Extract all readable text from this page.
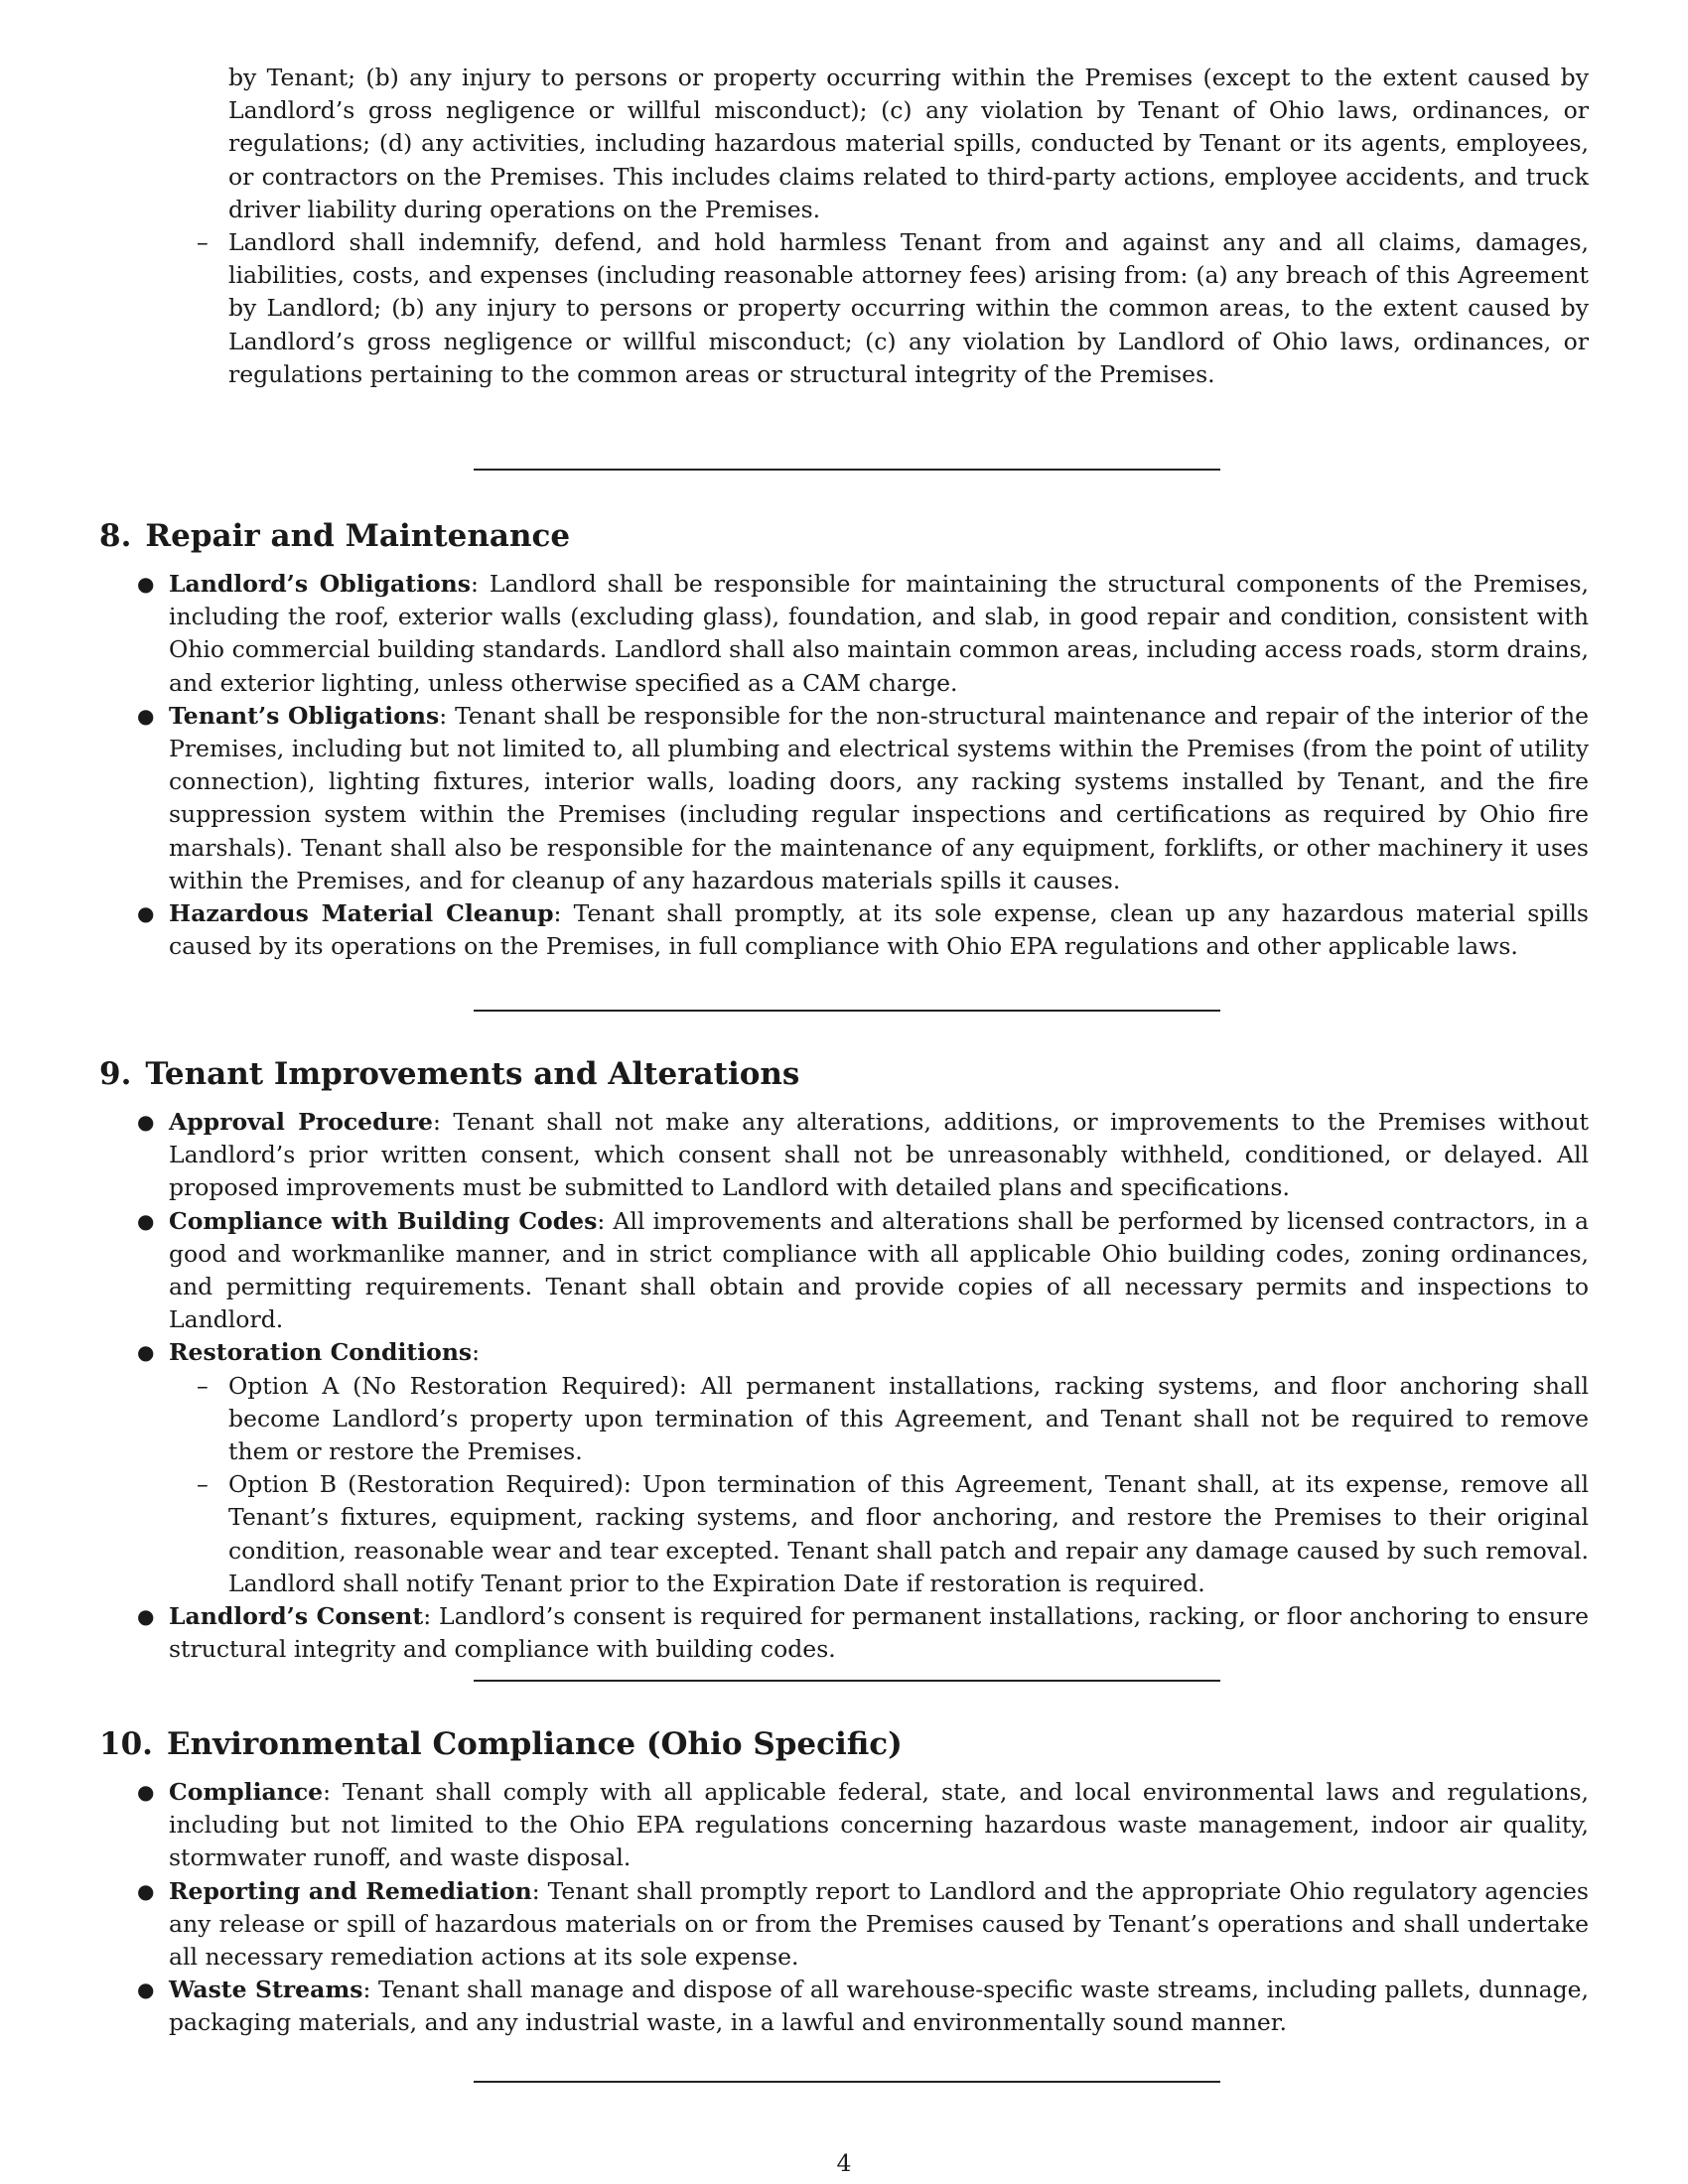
by Tenant; (b) any injury to persons or property occurring within the Premises (except to the extent caused by Landlord’s gross negligence or willful misconduct); (c) any violation by Tenant of Ohio laws, ordinances, or regulations; (d) any activities, including hazardous material spills, conducted by Tenant or its agents, employees, or contractors on the Premises. This includes claims related to third-party actions, employee accidents, and truck driver liability during operations on the Premises.
– Landlord shall indemnify, defend, and hold harmless Tenant from and against any and all claims, damages, liabilities, costs, and expenses (including reasonable attorney fees) arising from: (a) any breach of this Agreement by Landlord; (b) any injury to persons or property occurring within the common areas, to the extent caused by Landlord’s gross negligence or willful misconduct; (c) any violation by Landlord of Ohio laws, ordinances, or regulations pertaining to the common areas or structural integrity of the Premises.
8. Repair and Maintenance
● Landlord’s Obligations: Landlord shall be responsible for maintaining the structural components of the Premises, including the roof, exterior walls (excluding glass), foundation, and slab, in good repair and condition, consistent with Ohio commercial building standards. Landlord shall also maintain common areas, including access roads, storm drains, and exterior lighting, unless otherwise specified as a CAM charge.
● Tenant’s Obligations: Tenant shall be responsible for the non-structural maintenance and repair of the interior of the Premises, including but not limited to, all plumbing and electrical systems within the Premises (from the point of utility connection), lighting fixtures, interior walls, loading doors, any racking systems installed by Tenant, and the fire suppression system within the Premises (including regular inspections and certifications as required by Ohio fire marshals). Tenant shall also be responsible for the maintenance of any equipment, forklifts, or other machinery it uses within the Premises, and for cleanup of any hazardous materials spills it causes.
● Hazardous Material Cleanup: Tenant shall promptly, at its sole expense, clean up any hazardous material spills caused by its operations on the Premises, in full compliance with Ohio EPA regulations and other applicable laws.
9. Tenant Improvements and Alterations
● Approval Procedure: Tenant shall not make any alterations, additions, or improvements to the Premises without Landlord’s prior written consent, which consent shall not be unreasonably withheld, conditioned, or delayed. All proposed improvements must be submitted to Landlord with detailed plans and specifications.
● Compliance with Building Codes: All improvements and alterations shall be performed by licensed contractors, in a good and workmanlike manner, and in strict compliance with all applicable Ohio building codes, zoning ordinances, and permitting requirements. Tenant shall obtain and provide copies of all necessary permits and inspections to Landlord.
● Restoration Conditions:
– Option A (No Restoration Required): All permanent installations, racking systems, and floor anchoring shall become Landlord’s property upon termination of this Agreement, and Tenant shall not be required to remove them or restore the Premises.
– Option B (Restoration Required): Upon termination of this Agreement, Tenant shall, at its expense, remove all Tenant’s fixtures, equipment, racking systems, and floor anchoring, and restore the Premises to their original condition, reasonable wear and tear excepted. Tenant shall patch and repair any damage caused by such removal. Landlord shall notify Tenant prior to the Expiration Date if restoration is required.
● Landlord’s Consent: Landlord’s consent is required for permanent installations, racking, or floor anchoring to ensure structural integrity and compliance with building codes.
10. Environmental Compliance (Ohio Specific)
● Compliance: Tenant shall comply with all applicable federal, state, and local environmental laws and regulations, including but not limited to the Ohio EPA regulations concerning hazardous waste management, indoor air quality, stormwater runoff, and waste disposal.
● Reporting and Remediation: Tenant shall promptly report to Landlord and the appropriate Ohio regulatory agencies any release or spill of hazardous materials on or from the Premises caused by Tenant’s operations and shall undertake all necessary remediation actions at its sole expense.
● Waste Streams: Tenant shall manage and dispose of all warehouse-specific waste streams, including pallets, dunnage, packaging materials, and any industrial waste, in a lawful and environmentally sound manner.
4
